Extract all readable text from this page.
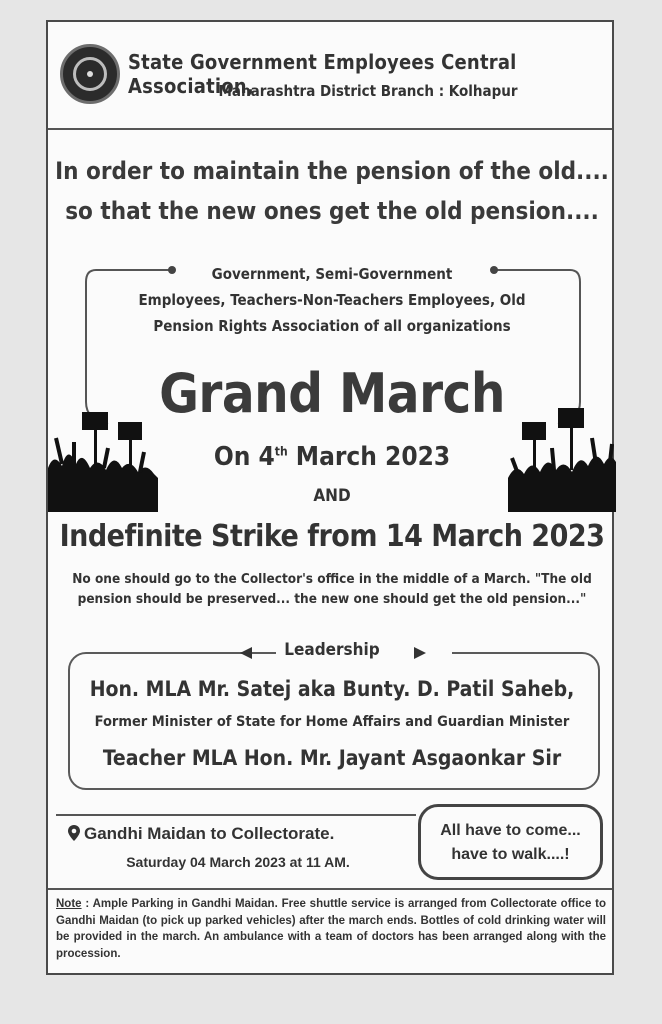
State Government Employees Central Association,
Maharashtra District Branch : Kolhapur
In order to maintain the pension of the old....
so that the new ones get the old pension....
Government, Semi-Government
Employees, Teachers-Non-Teachers Employees, Old
Pension Rights Association of all organizations
Grand March
On 4th March 2023
AND
Indefinite Strike from 14 March 2023
No one should go to the Collector's office in the middle of a March. "The old
pension should be preserved... the new one should get the old pension..."
Leadership
Hon. MLA Mr. Satej aka Bunty. D. Patil Saheb,
Former Minister of State for Home Affairs and Guardian Minister
Teacher MLA Hon. Mr. Jayant Asgaonkar Sir
Gandhi Maidan to Collectorate.
Saturday 04 March 2023 at 11 AM.
All have to come...
have to walk....!
Note : Ample Parking in Gandhi Maidan. Free shuttle service is arranged from Collectorate office to Gandhi Maidan (to pick up parked vehicles) after the march ends. Bottles of cold drinking water will be provided in the march. An ambulance with a team of doctors has been arranged along with the procession.
